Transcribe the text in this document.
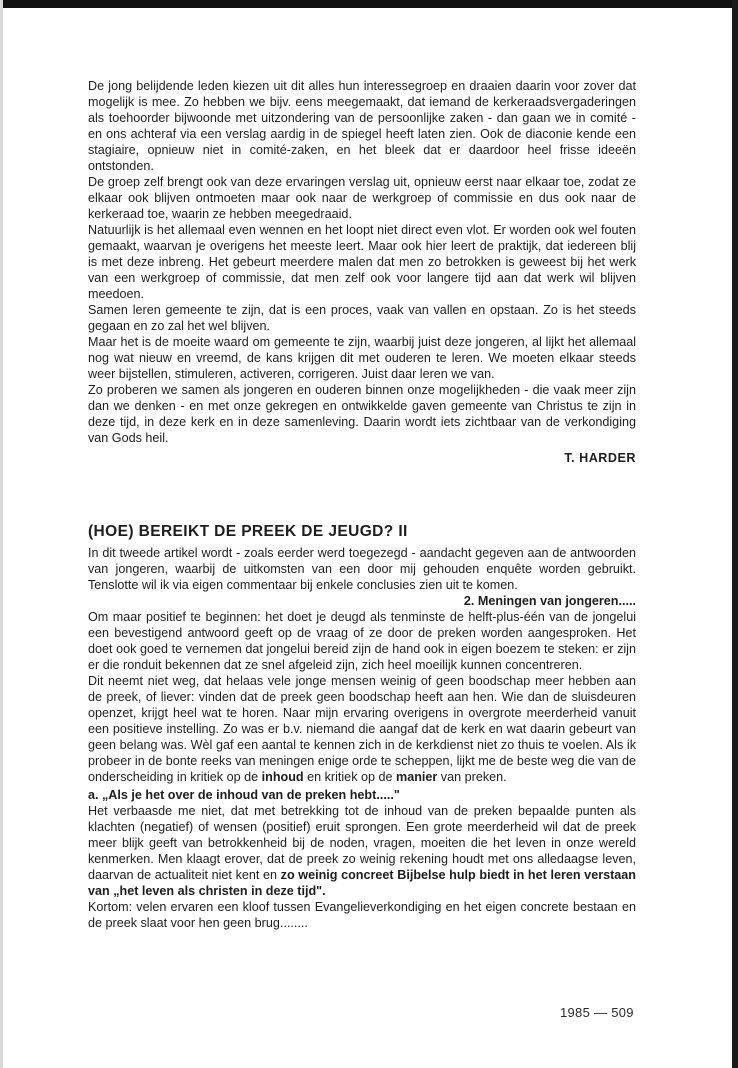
De jong belijdende leden kiezen uit dit alles hun interessegroep en draaien daarin voor zover dat mogelijk is mee. Zo hebben we bijv. eens meegemaakt, dat iemand de kerkeraadsvergaderingen als toehoorder bijwoonde met uitzondering van de persoonlijke zaken - dan gaan we in comité - en ons achteraf via een verslag aardig in de spiegel heeft laten zien. Ook de diaconie kende een stagiaire, opnieuw niet in comité-zaken, en het bleek dat er daardoor heel frisse ideeën ontstonden.

De groep zelf brengt ook van deze ervaringen verslag uit, opnieuw eerst naar elkaar toe, zodat ze elkaar ook blijven ontmoeten maar ook naar de werkgroep of commissie en dus ook naar de kerkeraad toe, waarin ze hebben meegedraaid.

Natuurlijk is het allemaal even wennen en het loopt niet direct even vlot. Er worden ook wel fouten gemaakt, waarvan je overigens het meeste leert. Maar ook hier leert de praktijk, dat iedereen blij is met deze inbreng. Het gebeurt meerdere malen dat men zo betrokken is geweest bij het werk van een werkgroep of commissie, dat men zelf ook voor langere tijd aan dat werk wil blijven meedoen.

Samen leren gemeente te zijn, dat is een proces, vaak van vallen en opstaan. Zo is het steeds gegaan en zo zal het wel blijven.

Maar het is de moeite waard om gemeente te zijn, waarbij juist deze jongeren, al lijkt het allemaal nog wat nieuw en vreemd, de kans krijgen dit met ouderen te leren. We moeten elkaar steeds weer bijstellen, stimuleren, activeren, corrigeren. Juist daar leren we van.

Zo proberen we samen als jongeren en ouderen binnen onze mogelijkheden - die vaak meer zijn dan we denken - en met onze gekregen en ontwikkelde gaven gemeente van Christus te zijn in deze tijd, in deze kerk en in deze samenleving. Daarin wordt iets zichtbaar van de verkondiging van Gods heil.

T. HARDER

(HOE) BEREIKT DE PREEK DE JEUGD? II

In dit tweede artikel wordt - zoals eerder werd toegezegd - aandacht gegeven aan de antwoorden van jongeren, waarbij de uitkomsten van een door mij gehouden enquête worden gebruikt. Tenslotte wil ik via eigen commentaar bij enkele conclusies zien uit te komen.

2. Meningen van jongeren.....

Om maar positief te beginnen: het doet je deugd als tenminste de helft-plus-één van de jongelui een bevestigend antwoord geeft op de vraag of ze door de preken worden aangesproken. Het doet ook goed te vernemen dat jongelui bereid zijn de hand ook in eigen boezem te steken: er zijn er die ronduit bekennen dat ze snel afgeleid zijn, zich heel moeilijk kunnen concentreren.

Dit neemt niet weg, dat helaas vele jonge mensen weinig of geen boodschap meer hebben aan de preek, of liever: vinden dat de preek geen boodschap heeft aan hen. Wie dan de sluisdeuren openzet, krijgt heel wat te horen. Naar mijn ervaring overigens in overgrote meerderheid vanuit een positieve instelling. Zo was er b.v. niemand die aangaf dat de kerk en wat daarin gebeurt van geen belang was. Wèl gaf een aantal te kennen zich in de kerkdienst niet zo thuis te voelen. Als ik probeer in de bonte reeks van meningen enige orde te scheppen, lijkt me de beste weg die van de onderscheiding in kritiek op de inhoud en kritiek op de manier van preken.

a. „Als je het over de inhoud van de preken hebt....."

Het verbaasde me niet, dat met betrekking tot de inhoud van de preken bepaalde punten als klachten (negatief) of wensen (positief) eruit sprongen. Een grote meerderheid wil dat de preek meer blijk geeft van betrokkenheid bij de noden, vragen, moeiten die het leven in onze wereld kenmerken. Men klaagt erover, dat de preek zo weinig rekening houdt met ons alledaagse leven, daarvan de actualiteit niet kent en zo weinig concreet Bijbelse hulp biedt in het leren verstaan van „het leven als christen in deze tijd".

Kortom: velen ervaren een kloof tussen Evangelieverkondiging en het eigen concrete bestaan en de preek slaat voor hen geen brug........

1985 — 509
